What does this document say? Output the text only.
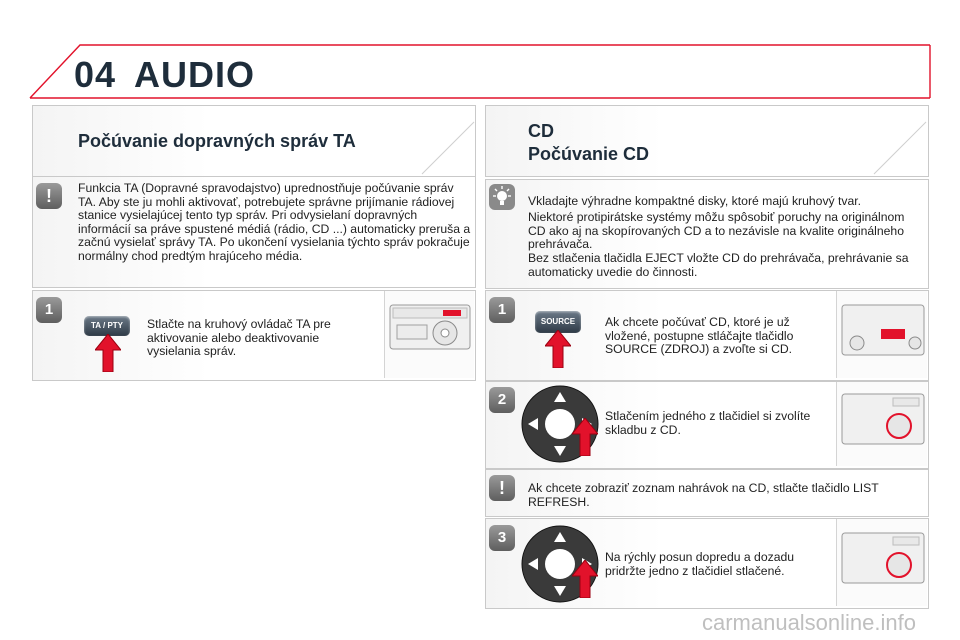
04 AUDIO
Počúvanie dopravných správ TA
!	Funkcia TA (Dopravné spravodajstvo) uprednostňuje počúvanie správ TA. Aby ste ju mohli aktivovať, potrebujete správne prijímanie rádiovej stanice vysielajúcej tento typ správ. Pri odvysielaní dopravných informácií sa práve spustené médiá (rádio, CD ...) automaticky preruša a začnú vysielať správy TA. Po ukončení vysielania týchto správ pokračuje normálny chod predtým hrajúceho média.
1
TA / PTY	Stlačte na kruhový ovládač TA pre aktivovanie alebo deaktivovanie vysielania správ.
CD
Počúvanie CD
Vkladajte výhradne kompaktné disky, ktoré majú kruhový tvar.
Niektoré protipirátske systémy môžu spôsobiť poruchy na originálnom CD ako aj na skopírovaných CD a to nezávisle na kvalite originálneho prehrávača.
Bez stlačenia tlačidla EJECT vložte CD do prehrávača, prehrávanie sa automaticky uvedie do činnosti.
1
SOURCE	Ak chcete počúvať CD, ktoré je už vložené, postupne stláčajte tlačidlo SOURCE (ZDROJ) a zvoľte si CD.
2
Stlačením jedného z tlačidiel si zvolíte skladbu z CD.
!	Ak chcete zobraziť zoznam nahrávok na CD, stlačte tlačidlo LIST REFRESH.
3
Na rýchly posun dopredu a dozadu pridržte jedno z tlačidiel stlačené.
carmanualsonline.info
